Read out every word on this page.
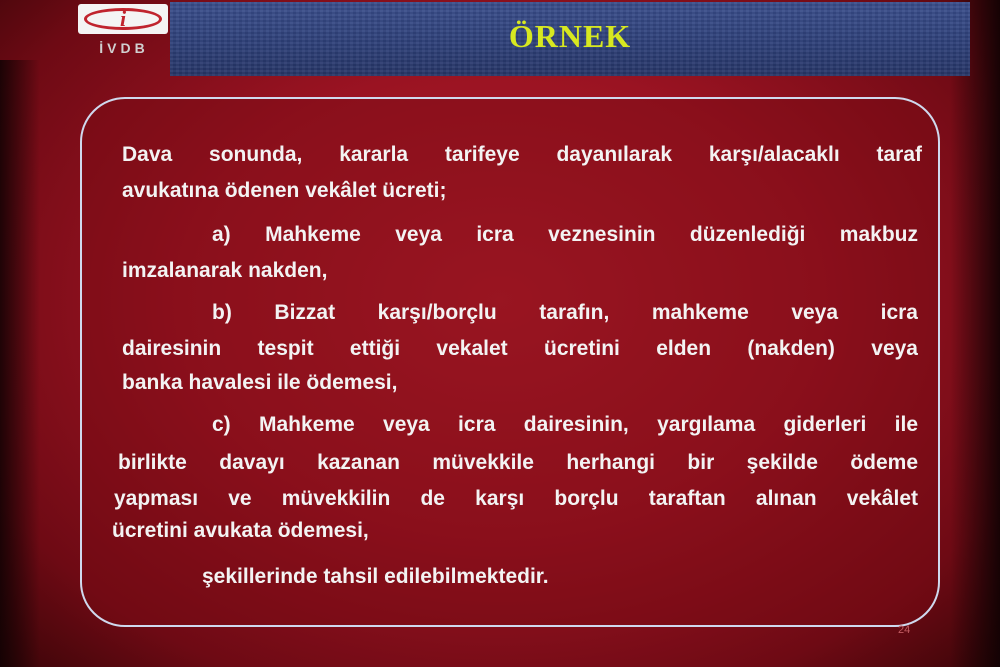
i
İVDB	ÖRNEK
Dava sonunda, kararla tarifeye dayanılarak karşı/alacaklı taraf
avukatına ödenen vekâlet ücreti;
a) Mahkeme veya icra veznesinin düzenlediği makbuz
imzalanarak nakden,
b) Bizzat karşı/borçlu tarafın, mahkeme veya icra
dairesinin tespit ettiği vekalet ücretini elden (nakden) veya
banka havalesi ile ödemesi,
c) Mahkeme veya icra dairesinin, yargılama giderleri ile
birlikte davayı kazanan müvekkile herhangi bir şekilde ödeme
yapması ve müvekkilin de karşı borçlu taraftan alınan vekâlet
ücretini avukata ödemesi,
şekillerinde tahsil edilebilmektedir.
24
